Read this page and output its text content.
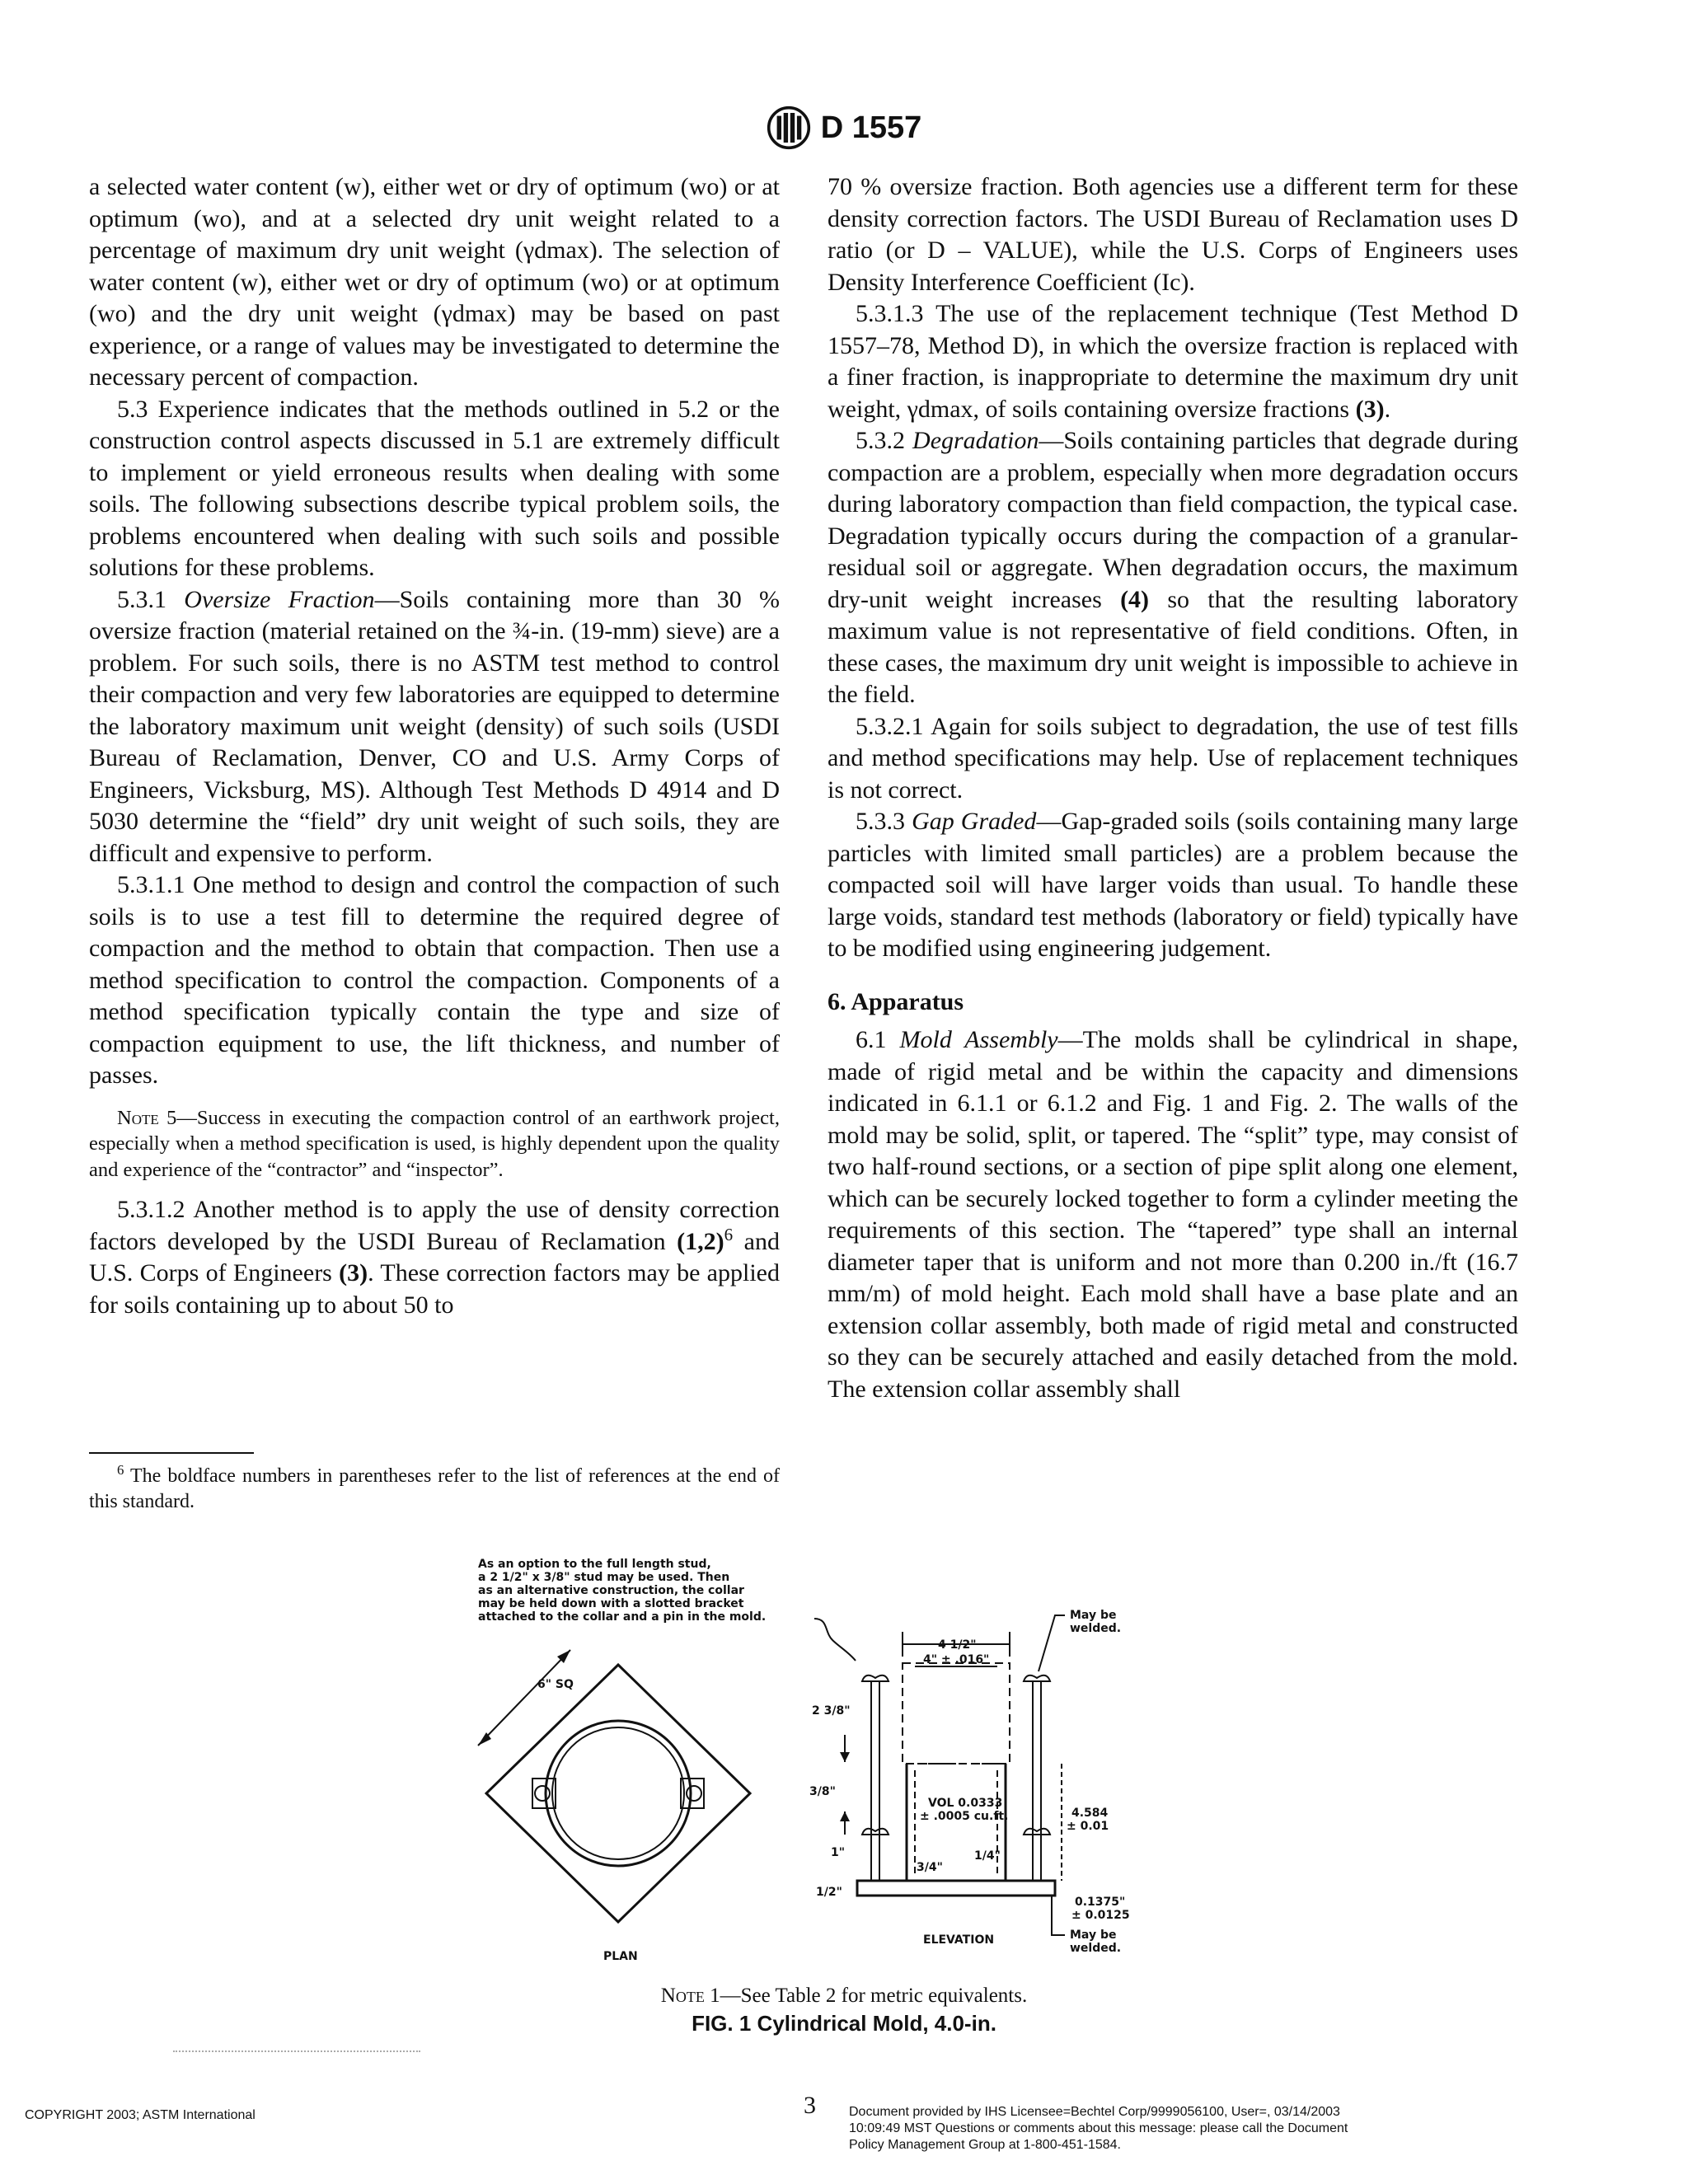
D 1557

a selected water content (w), either wet or dry of optimum (wo) or at optimum (wo), and at a selected dry unit weight related to a percentage of maximum dry unit weight (γdmax). The selection of water content (w), either wet or dry of optimum (wo) or at optimum (wo) and the dry unit weight (γdmax) may be based on past experience, or a range of values may be investigated to determine the necessary percent of compaction.

5.3 Experience indicates that the methods outlined in 5.2 or the construction control aspects discussed in 5.1 are extremely difficult to implement or yield erroneous results when dealing with some soils. The following subsections describe typical problem soils, the problems encountered when dealing with such soils and possible solutions for these problems.

5.3.1 Oversize Fraction—Soils containing more than 30 % oversize fraction (material retained on the ¾-in. (19-mm) sieve) are a problem. For such soils, there is no ASTM test method to control their compaction and very few laboratories are equipped to determine the laboratory maximum unit weight (density) of such soils (USDI Bureau of Reclamation, Denver, CO and U.S. Army Corps of Engineers, Vicksburg, MS). Although Test Methods D 4914 and D 5030 determine the “field” dry unit weight of such soils, they are difficult and expensive to perform.

5.3.1.1 One method to design and control the compaction of such soils is to use a test fill to determine the required degree of compaction and the method to obtain that compaction. Then use a method specification to control the compaction. Components of a method specification typically contain the type and size of compaction equipment to use, the lift thickness, and number of passes.

Note 5—Success in executing the compaction control of an earthwork project, especially when a method specification is used, is highly dependent upon the quality and experience of the “contractor” and “inspector”.

5.3.1.2 Another method is to apply the use of density correction factors developed by the USDI Bureau of Reclamation $(1,2)^6$ and U.S. Corps of Engineers (3). These correction factors may be applied for soils containing up to about 50 to

70 % oversize fraction. Both agencies use a different term for these density correction factors. The USDI Bureau of Reclamation uses D ratio (or D – VALUE), while the U.S. Corps of Engineers uses Density Interference Coefficient (Ic).

5.3.1.3 The use of the replacement technique (Test Method D 1557–78, Method D), in which the oversize fraction is replaced with a finer fraction, is inappropriate to determine the maximum dry unit weight, γdmax, of soils containing oversize fractions (3).

5.3.2 Degradation—Soils containing particles that degrade during compaction are a problem, especially when more degradation occurs during laboratory compaction than field compaction, the typical case. Degradation typically occurs during the compaction of a granular-residual soil or aggregate. When degradation occurs, the maximum dry-unit weight increases (4) so that the resulting laboratory maximum value is not representative of field conditions. Often, in these cases, the maximum dry unit weight is impossible to achieve in the field.

5.3.2.1 Again for soils subject to degradation, the use of test fills and method specifications may help. Use of replacement techniques is not correct.

5.3.3 Gap Graded—Gap-graded soils (soils containing many large particles with limited small particles) are a problem because the compacted soil will have larger voids than usual. To handle these large voids, standard test methods (laboratory or field) typically have to be modified using engineering judgement.

6. Apparatus

6.1 Mold Assembly—The molds shall be cylindrical in shape, made of rigid metal and be within the capacity and dimensions indicated in 6.1.1 or 6.1.2 and Fig. 1 and Fig. 2. The walls of the mold may be solid, split, or tapered. The “split” type, may consist of two half-round sections, or a section of pipe split along one element, which can be securely locked together to form a cylinder meeting the requirements of this section. The “tapered” type shall an internal diameter taper that is uniform and not more than 0.200 in./ft (16.7 mm/m) of mold height. Each mold shall have a base plate and an extension collar assembly, both made of rigid metal and constructed so they can be securely attached and easily detached from the mold. The extension collar assembly shall

$^6$ The boldface numbers in parentheses refer to the list of references at the end of this standard.
As an option to the full length stud,
a 2 1/2" x 3/8" stud may be used. Then
as an alternative construction, the collar
may be held down with a slotted bracket
attached to the collar and a pin in the mold.
6" SQ
PLAN
4 1/2"
4" ± .016"
2 3/8"
3/8"
1"
1/2"
VOL 0.0333
± .0005 cu.ft.
3/4"
1/4"
4.584
± 0.01
0.1375"
± 0.0125
May be
welded.
May be
welded.
ELEVATION
Note 1—See Table 2 for metric equivalents.
FIG. 1 Cylindrical Mold, 4.0-in.
COPYRIGHT 2003; ASTM International	3	Document provided by IHS Licensee=Bechtel Corp/9999056100, User=, 03/14/2003
10:09:49 MST Questions or comments about this message: please call the Document
Policy Management Group at 1-800-451-1584.
